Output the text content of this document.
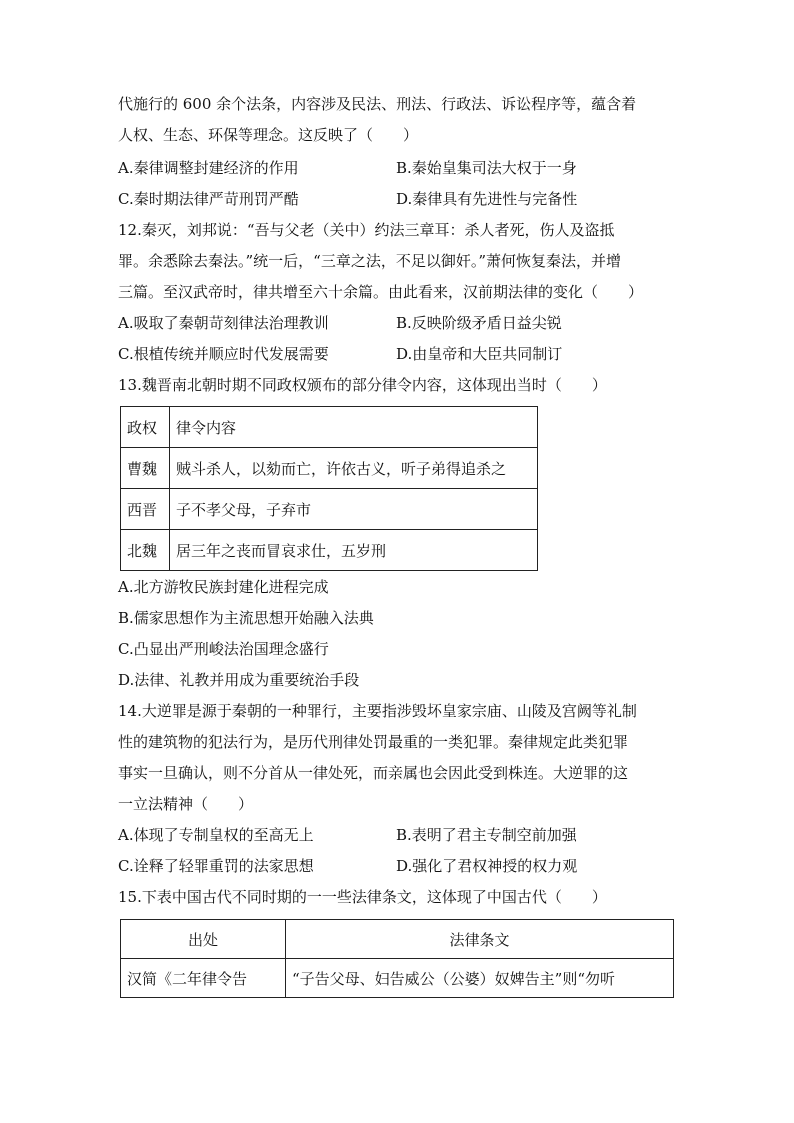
代施行的 600 余个法条，内容涉及民法、刑法、行政法、诉讼程序等，蕴含着
人权、生态、环保等理念。这反映了（　　）
A.秦律调整封建经济的作用	B.秦始皇集司法大权于一身
C.秦时期法律严苛刑罚严酷	D.秦律具有先进性与完备性
12.秦灭，刘邦说：“吾与父老（关中）约法三章耳：杀人者死，伤人及盗抵
罪。余悉除去秦法。”统一后，“三章之法，不足以御奸。”萧何恢复秦法，并增
三篇。至汉武帝时，律共增至六十余篇。由此看来，汉前期法律的变化（　　）
A.吸取了秦朝苛刻律法治理教训	B.反映阶级矛盾日益尖锐
C.根植传统并顺应时代发展需要	D.由皇帝和大臣共同制订
13.魏晋南北朝时期不同政权颁布的部分律令内容，这体现出当时（　　）
政权	律令内容
曹魏	贼斗杀人，以劾而亡，许依古义，听子弟得追杀之
西晋	子不孝父母，子弃市
北魏	居三年之丧而冒哀求仕，五岁刑
A.北方游牧民族封建化进程完成
B.儒家思想作为主流思想开始融入法典
C.凸显出严刑峻法治国理念盛行
D.法律、礼教并用成为重要统治手段
14.大逆罪是源于秦朝的一种罪行，主要指涉毁坏皇家宗庙、山陵及宫阙等礼制
性的建筑物的犯法行为，是历代刑律处罚最重的一类犯罪。秦律规定此类犯罪
事实一旦确认，则不分首从一律处死，而亲属也会因此受到株连。大逆罪的这
一立法精神（　　）
A.体现了专制皇权的至高无上	B.表明了君主专制空前加强
C.诠释了轻罪重罚的法家思想	D.强化了君权神授的权力观
15.下表中国古代不同时期的一一些法律条文，这体现了中国古代（　　）
出处	法律条文
汉简《二年律令告	“子告父母、妇告威公（公婆）奴婢告主”则“勿听
